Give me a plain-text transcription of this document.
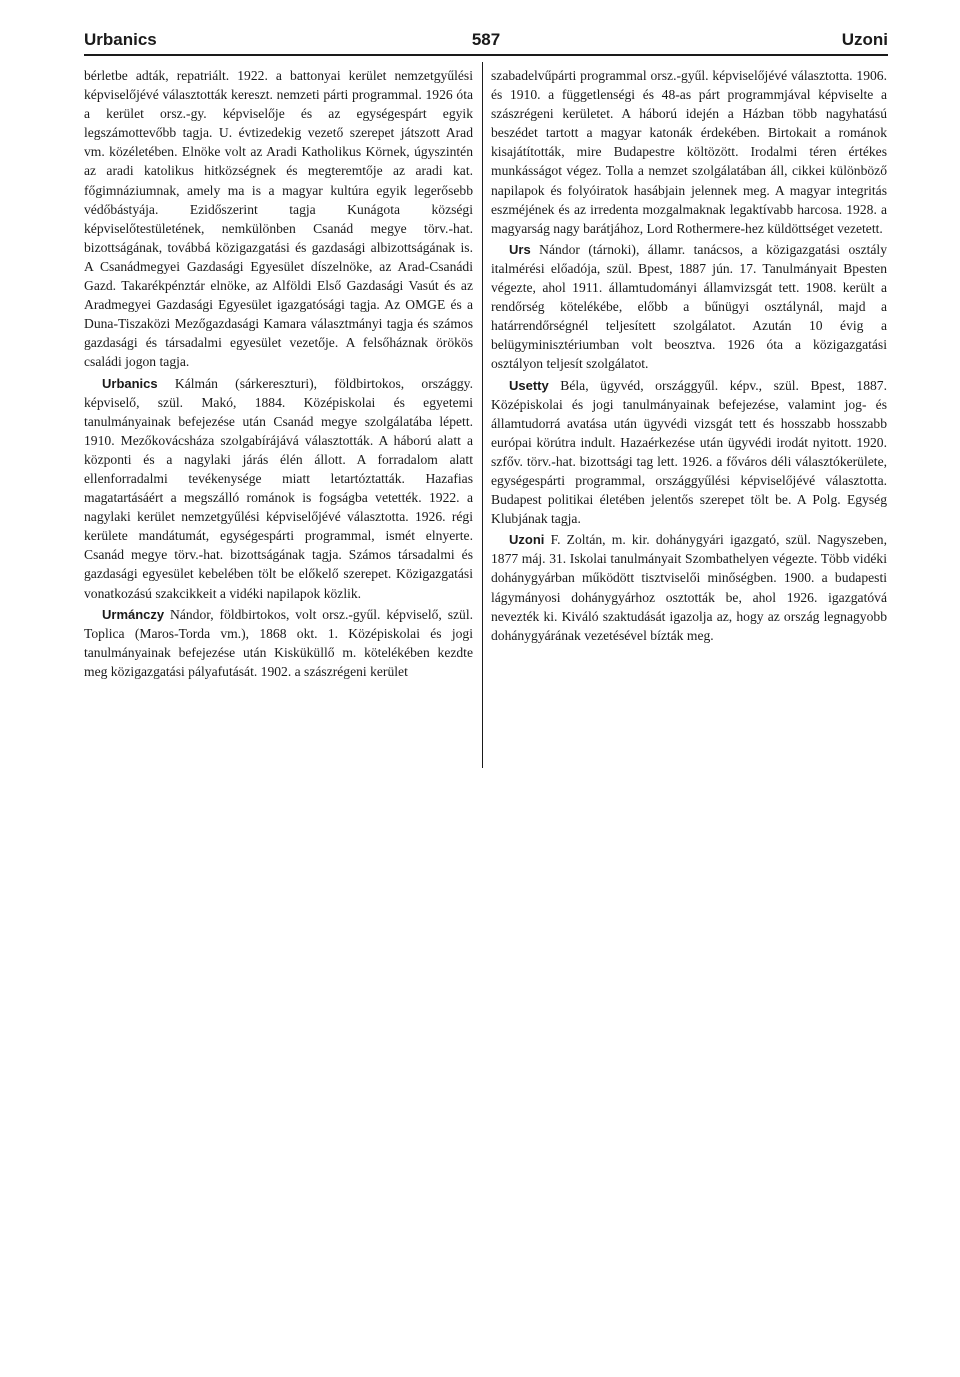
Urbanics	587	Uzoni

bérletbe adták, repatriált. 1922. a battonyai kerület nemzetgyűlési képviselőjévé választották kereszt. nemzeti párti programmal. 1926 óta a kerület orsz.-gy. képviselője és az egységespárt egyik legszámottevőbb tagja. U. évtizedekig vezető szerepet játszott Arad vm. közéletében. Elnöke volt az Aradi Katholikus Körnek, úgyszintén az aradi katolikus hitközségnek és megteremtője az aradi kat. főgimnáziumnak, amely ma is a magyar kultúra egyik legerősebb védőbástyája. Ezidőszerint tagja Kunágota községi képviselőtestületének, nemkülönben Csanád megye törv.-hat. bizottságának, továbbá közigazgatási és gazdasági albizottságának is. A Csanádmegyei Gazdasági Egyesület díszelnöke, az Arad-Csanádi Gazd. Takarékpénztár elnöke, az Alföldi Első Gazdasági Vasút és az Aradmegyei Gazdasági Egyesület igazgatósági tagja. Az OMGE és a Duna-Tiszaközi Mezőgazdasági Kamara választmányi tagja és számos gazdasági és társadalmi egyesület vezetője. A felsőháznak örökös családi jogon tagja.

Urbanics Kálmán (sárkereszturi), földbirtokos, országgy. képviselő, szül. Makó, 1884. Középiskolai és egyetemi tanulmányainak befejezése után Csanád megye szolgálatába lépett. 1910. Mezőkovácsháza szolgabírájává választották. A háború alatt a központi és a nagylaki járás élén állott. A forradalom alatt ellenforradalmi tevékenysége miatt letartóztatták. Hazafias magatartásáért a megszálló románok is fogságba vetették. 1922. a nagylaki kerület nemzetgyűlési képviselőjévé választotta. 1926. régi kerülete mandátumát, egységespárti programmal, ismét elnyerte. Csanád megye törv.-hat. bizottságának tagja. Számos társadalmi és gazdasági egyesület kebelében tölt be előkelő szerepet. Közigazgatási vonatkozású szakcikkeit a vidéki napilapok közlik.

Urmánczy Nándor, földbirtokos, volt orsz.-gyűl. képviselő, szül. Toplica (Maros-Torda vm.), 1868 okt. 1. Középiskolai és jogi tanulmányainak befejezése után Kisküküllő m. kötelékében kezdte meg közigazgatási pályafutását. 1902. a szászrégeni kerület

szabadelvűpárti programmal orsz.-gyűl. képviselőjévé választotta. 1906. és 1910. a függetlenségi és 48-as párt programmjával képviselte a szászrégeni kerületet. A háború idején a Házban több nagyhatású beszédet tartott a magyar katonák érdekében. Birtokait a románok kisajátították, mire Budapestre költözött. Irodalmi téren értékes munkásságot végez. Tolla a nemzet szolgálatában áll, cikkei különböző napilapok és folyóiratok hasábjain jelennek meg. A magyar integritás eszméjének és az irredenta mozgalmaknak legaktívabb harcosa. 1928. a magyarság nagy barátjához, Lord Rothermere-hez küldöttséget vezetett.

Urs Nándor (tárnoki), államr. tanácsos, a közigazgatási osztály italmérési előadója, szül. Bpest, 1887 jún. 17. Tanulmányait Bpesten végezte, ahol 1911. államtudományi államvizsgát tett. 1908. került a rendőrség kötelékébe, előbb a bűnügyi osztálynál, majd a határrendőrségnél teljesített szolgálatot. Azután 10 évig a belügyminisztériumban volt beosztva. 1926 óta a közigazgatási osztályon teljesít szolgálatot.

Usetty Béla, ügyvéd, országgyűl. képv., szül. Bpest, 1887. Középiskolai és jogi tanulmányainak befejezése, valamint jog- és államtudorrá avatása után ügyvédi vizsgát tett és hosszabb hosszabb európai körútra indult. Hazaérkezése után ügyvédi irodát nyitott. 1920. szfőv. törv.-hat. bizottsági tag lett. 1926. a főváros déli választókerülete, egységespárti programmal, országgyűlési képviselőjévé választotta. Budapest politikai életében jelentős szerepet tölt be. A Polg. Egység Klubjának tagja.

Uzoni F. Zoltán, m. kir. dohánygyári igazgató, szül. Nagyszeben, 1877 máj. 31. Iskolai tanulmányait Szombathelyen végezte. Több vidéki dohánygyárban működött tisztviselői minőségben. 1900. a budapesti lágymányosi dohánygyárhoz osztották be, ahol 1926. igazgatóvá nevezték ki. Kiváló szaktudását igazolja az, hogy az ország legnagyobb dohánygyárának vezetésével bízták meg.
